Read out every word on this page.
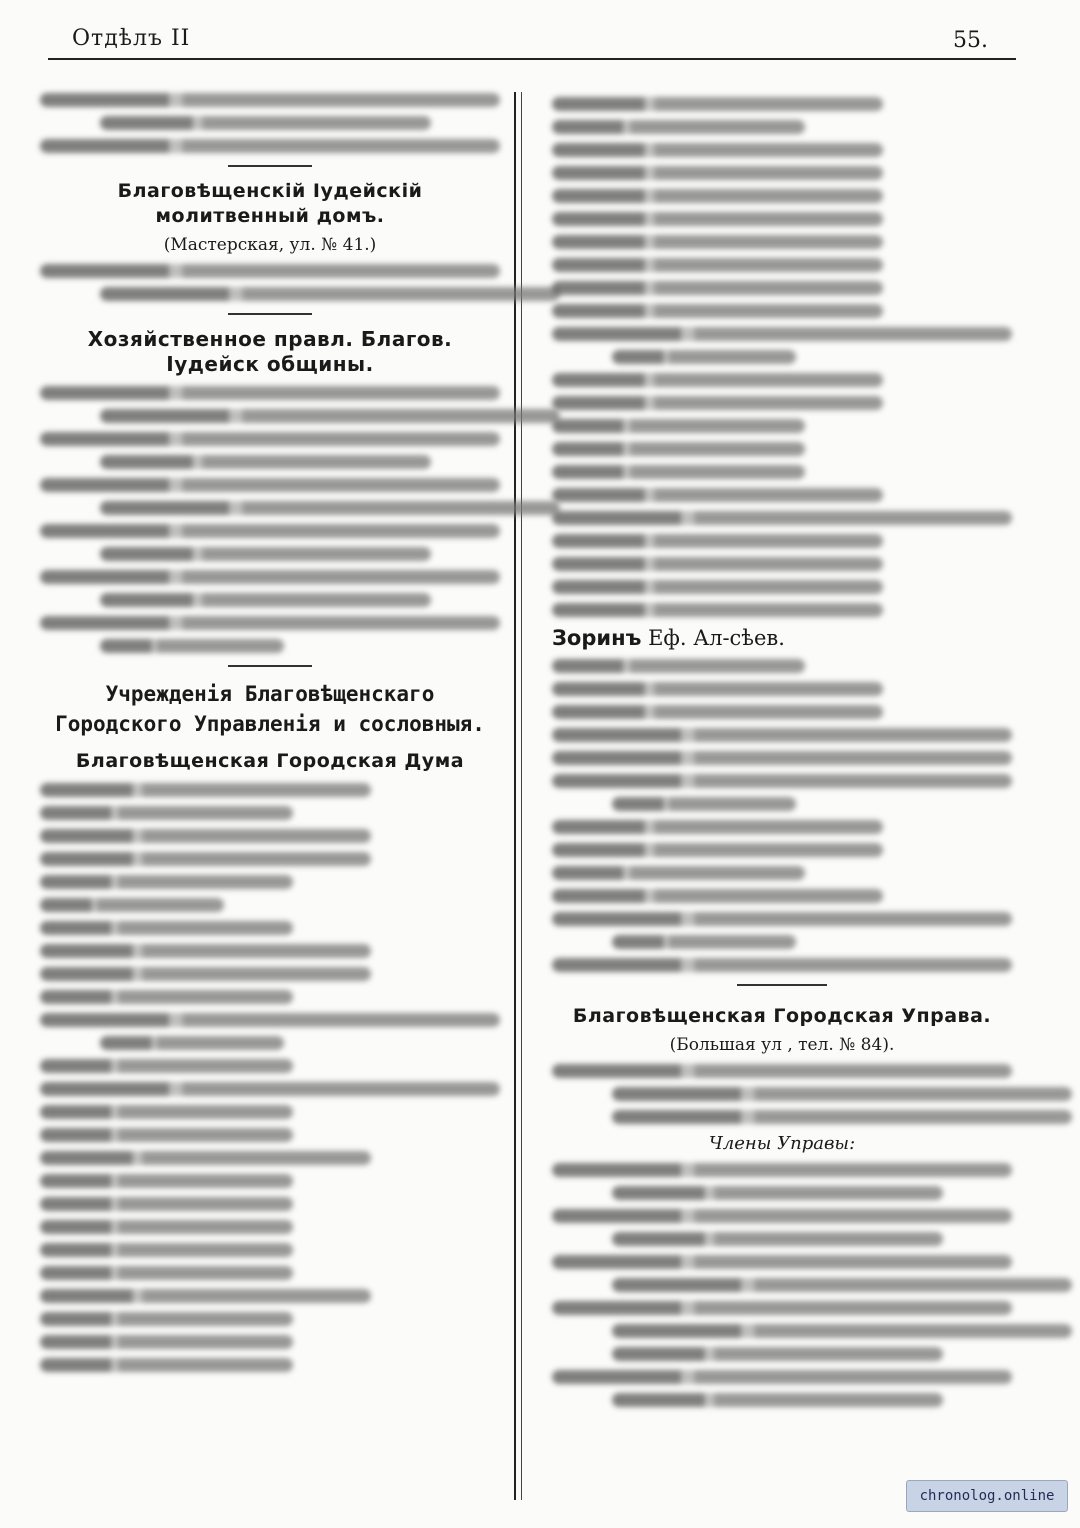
Отдѣлъ II	55.
Благовѣщенскій Іудейскій молитвенный домъ.
(Мастерская, ул. № 41.)
Хозяйственное правл. Благов. Іудейск общины.
Учрежденія Благовѣщенскаго Городского Управленія и сословныя.
Благовѣщенская Городская Дума
Зоринъ Еф. Ал-сѣев.
Благовѣщенская Городская Управа.
(Большая ул , тел. № 84).
Члены Управы:
chronolog.online
